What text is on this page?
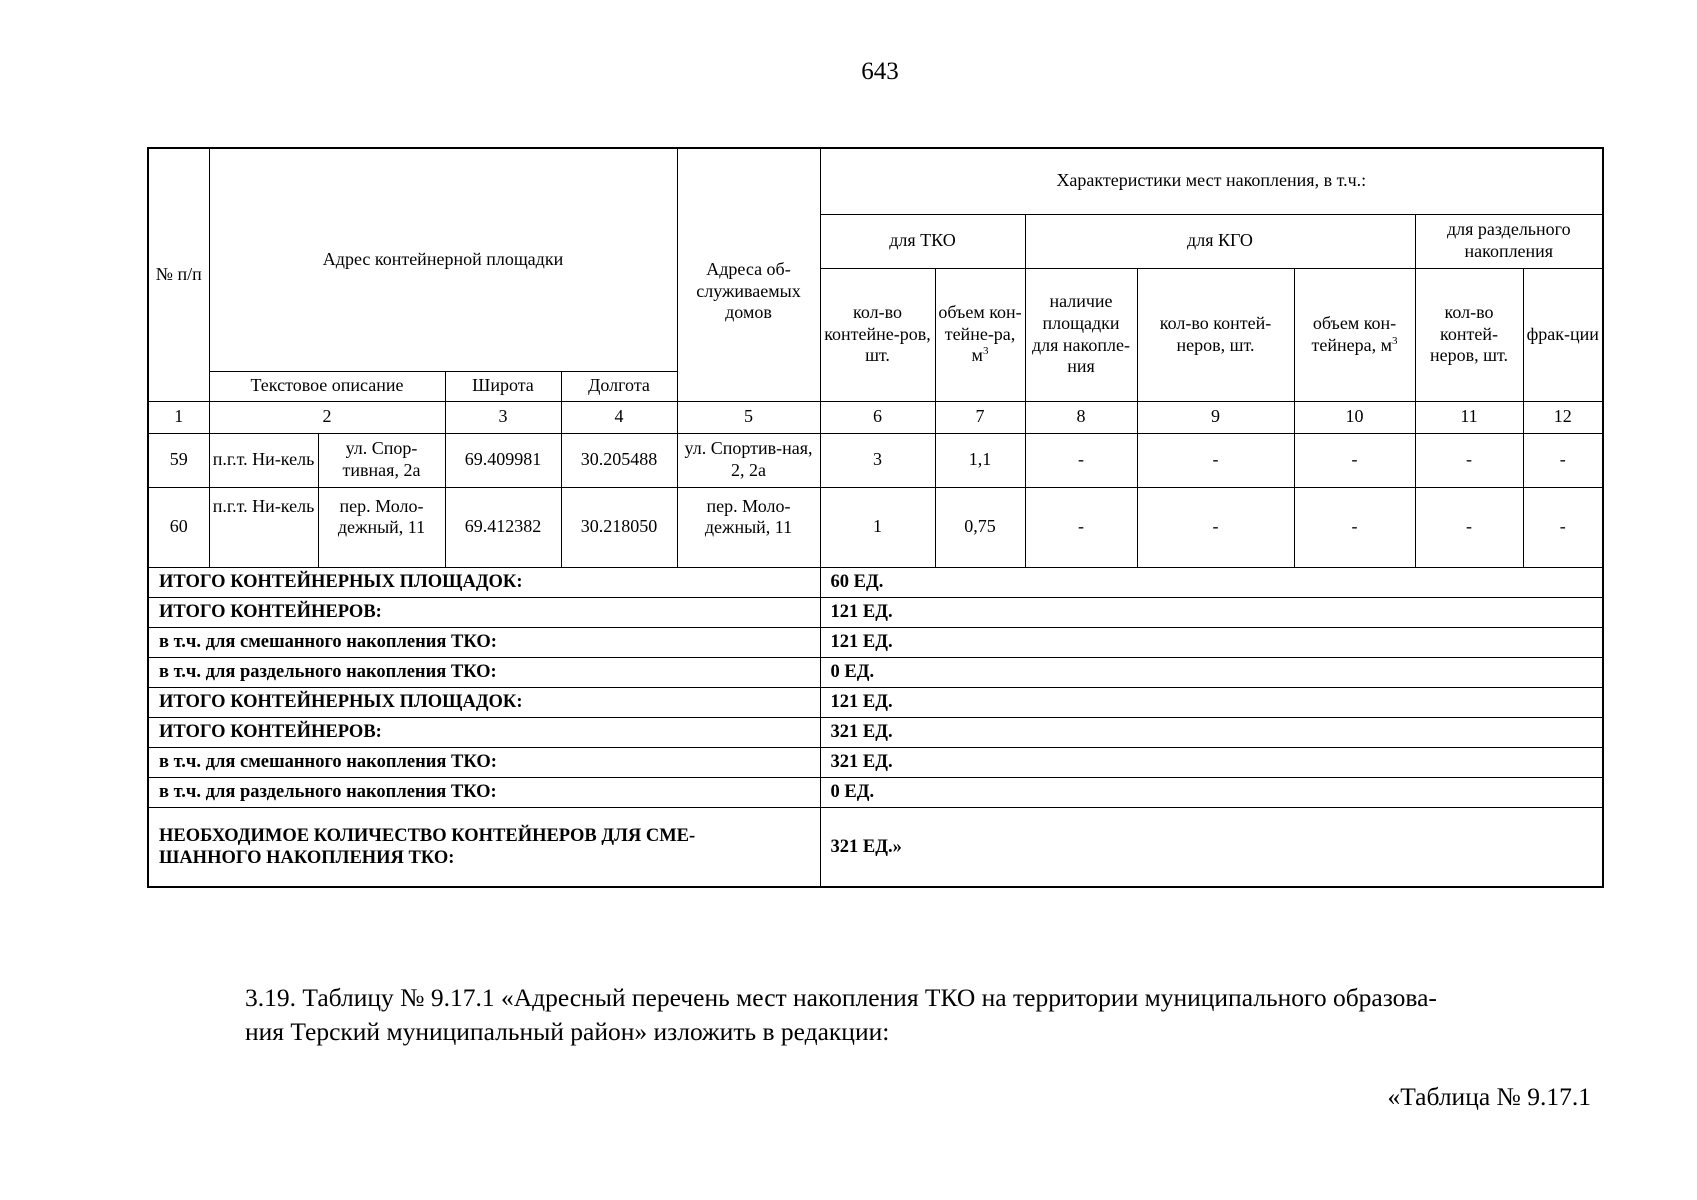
643
№ п/п	Адрес контейнерной площадки				Адреса об-служиваемых домов	Характеристики мест накопления, в т.ч.:						
						для ТКО		для КГО			для раздельного накопления	
						кол-во контейне-ров, шт.	объем кон-тейне-ра, $м^3$	наличие площадки для накопле-ния	кол-во контей-неров, шт.	объем кон-тейнера, $м^3$	кол-во контей-неров, шт.	фрак-ции
	Текстовое описание		Широта	Долгота								
1	2		3	4	5	6	7	8	9	10	11	12
59	п.г.т. Ни-кель	ул. Спор-тивная, 2а	69.409981	30.205488	ул. Спортив-ная, 2, 2а	3	1,1	-	-	-	-	-
60	п.г.т. Ни-кель	пер. Моло-дежный, 11	69.412382	30.218050	пер. Моло-дежный, 11	1	0,75	-	-	-	-	-
ИТОГО КОНТЕЙНЕРНЫХ ПЛОЩАДОК:						60 ЕД.						
ИТОГО КОНТЕЙНЕРОВ:						121 ЕД.						
в т.ч. для смешанного накопления ТКО:						121 ЕД.						
в т.ч. для раздельного накопления ТКО:						0 ЕД.						
ИТОГО КОНТЕЙНЕРНЫХ ПЛОЩАДОК:						121 ЕД.						
ИТОГО КОНТЕЙНЕРОВ:						321 ЕД.						
в т.ч. для смешанного накопления ТКО:						321 ЕД.						
в т.ч. для раздельного накопления ТКО:						0 ЕД.						
НЕОБХОДИМОЕ КОЛИЧЕСТВО КОНТЕЙНЕРОВ ДЛЯ СМЕ-ШАННОГО НАКОПЛЕНИЯ ТКО:						321 ЕД.»						
3.19. Таблицу № 9.17.1 «Адресный перечень мест накопления ТКО на территории муниципального образова-
ния Терский муниципальный район» изложить в редакции:
«Таблица № 9.17.1
